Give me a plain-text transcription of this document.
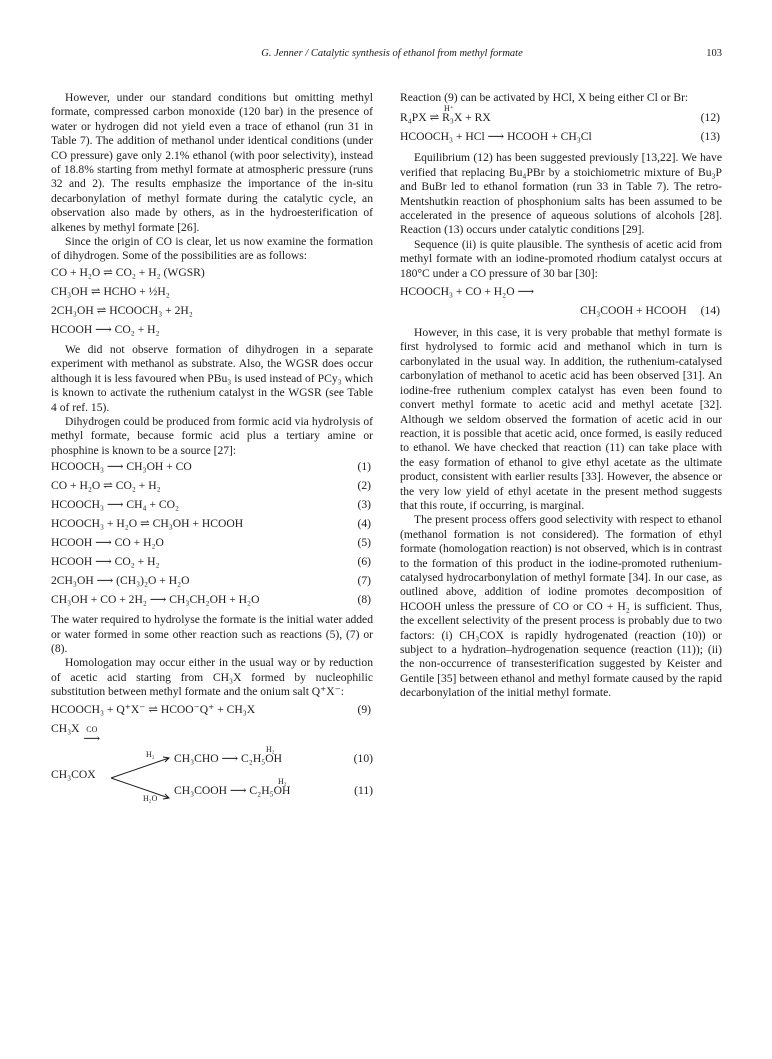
G. Jenner / Catalytic synthesis of ethanol from methyl formate	103

However, under our standard conditions but omitting methyl formate, compressed carbon monoxide (120 bar) in the presence of water or hydrogen did not yield even a trace of ethanol (run 31 in Table 7). The addition of methanol under identical conditions (under CO pressure) gave only 2.1% ethanol (with poor selectivity), instead of 18.8% starting from methyl formate at atmospheric pressure (runs 32 and 2). The results emphasize the importance of the in-situ decarbonylation of methyl formate during the catalytic cycle, an observation also made by others, as in the hydroesterification of alkenes by methyl formate [26].

Since the origin of CO is clear, let us now examine the formation of dihydrogen. Some of the possibilities are as follows:

CO + H₂O ⇌ CO₂ + H₂ (WGSR)
CH₃OH ⇌ HCHO + ½H₂
2CH₃OH ⇌ HCOOCH₃ + 2H₂
HCOOH ⟶ CO₂ + H₂

We did not observe formation of dihydrogen in a separate experiment with methanol as substrate. Also, the WGSR does occur although it is less favoured when PBu₃ is used instead of PCy₃ which is known to activate the ruthenium catalyst in the WGSR (see Table 4 of ref. 15).

Dihydrogen could be produced from formic acid via hydrolysis of methyl formate, because formic acid plus a tertiary amine or phosphine is known to be a source [27]:

HCOOCH₃ ⟶ CH₃OH + CO	(1)
CO + H₂O ⇌ CO₂ + H₂	(2)
HCOOCH₃ ⟶ CH₄ + CO₂	(3)
HCOOCH₃ + H₂O ⇌ CH₃OH + HCOOH	(4)
HCOOH ⟶ CO + H₂O	(5)
HCOOH ⟶ CO₂ + H₂	(6)
2CH₃OH ⟶ (CH₃)₂O + H₂O	(7)
CH₃OH + CO + 2H₂ ⟶ CH₃CH₂OH + H₂O	(8)

The water required to hydrolyse the formate is the initial water added or water formed in some other reaction such as reactions (5), (7) or (8).

Homologation may occur either in the usual way or by reduction of acetic acid starting from CH₃X formed by nucleophilic substitution between methyl formate and the onium salt Q⁺X⁻:

HCOOCH₃ + Q⁺X⁻ ⇌ HCOO⁻Q⁺ + CH₃X	(9)
CH₃X CO
⟶
CH₃COX
H₂
H₂O
CH₃CHO ⟶ C₂H₅OH	(10)
CH₃COOH ⟶ C₂H₅OH	(11)
H₂
H₂

Reaction (9) can be activated by HCl, X being either Cl or Br:

R₄PX ⇌ R₃X + RX
H⁺
(12)
HCOOCH₃ + HCl ⟶ HCOOH + CH₃Cl	(13)

Equilibrium (12) has been suggested previously [13,22]. We have verified that replacing Bu₄PBr by a stoichiometric mixture of Bu₃P and BuBr led to ethanol formation (run 33 in Table 7). The retro-Mentshutkin reaction of phosphonium salts has been assumed to be accelerated in the presence of aqueous solutions of alcohols [28]. Reaction (13) occurs under catalytic conditions [29].

Sequence (ii) is quite plausible. The synthesis of acetic acid from methyl formate with an iodine-promoted rhodium catalyst occurs at 180°C under a CO pressure of 30 bar [30]:

HCOOCH₃ + CO + H₂O ⟶
CH₃COOH + HCOOH (14)

However, in this case, it is very probable that methyl formate is first hydrolysed to formic acid and methanol which in turn is carbonylated in the usual way. In addition, the ruthenium-catalysed carbonylation of methanol to acetic acid has been observed [31]. An iodine-free ruthenium complex catalyst has even been found to convert methyl formate to acetic acid and methyl acetate [32]. Although we seldom observed the formation of acetic acid in our reaction, it is possible that acetic acid, once formed, is easily reduced to ethanol. We have checked that reaction (11) can take place with the easy formation of ethanol to give ethyl acetate as the ultimate product, consistent with earlier results [33]. However, the absence or the very low yield of ethyl acetate in the present method suggests that this route, if occurring, is marginal.

The present process offers good selectivity with respect to ethanol (methanol formation is not considered). The formation of ethyl formate (homologation reaction) is not observed, which is in contrast to the formation of this product in the iodine-promoted ruthenium-catalysed hydrocarbonylation of methyl formate [34]. In our case, as outlined above, addition of iodine promotes decomposition of HCOOH unless the pressure of CO or CO + H₂ is sufficient. Thus, the excellent selectivity of the present process is probably due to two factors: (i) CH₃COX is rapidly hydrogenated (reaction (10)) or subject to a hydration–hydrogenation sequence (reaction (11)); (ii) the non-occurrence of transesterification suggested by Keister and Gentile [35] between ethanol and methyl formate caused by the rapid decarbonylation of the initial methyl formate.
